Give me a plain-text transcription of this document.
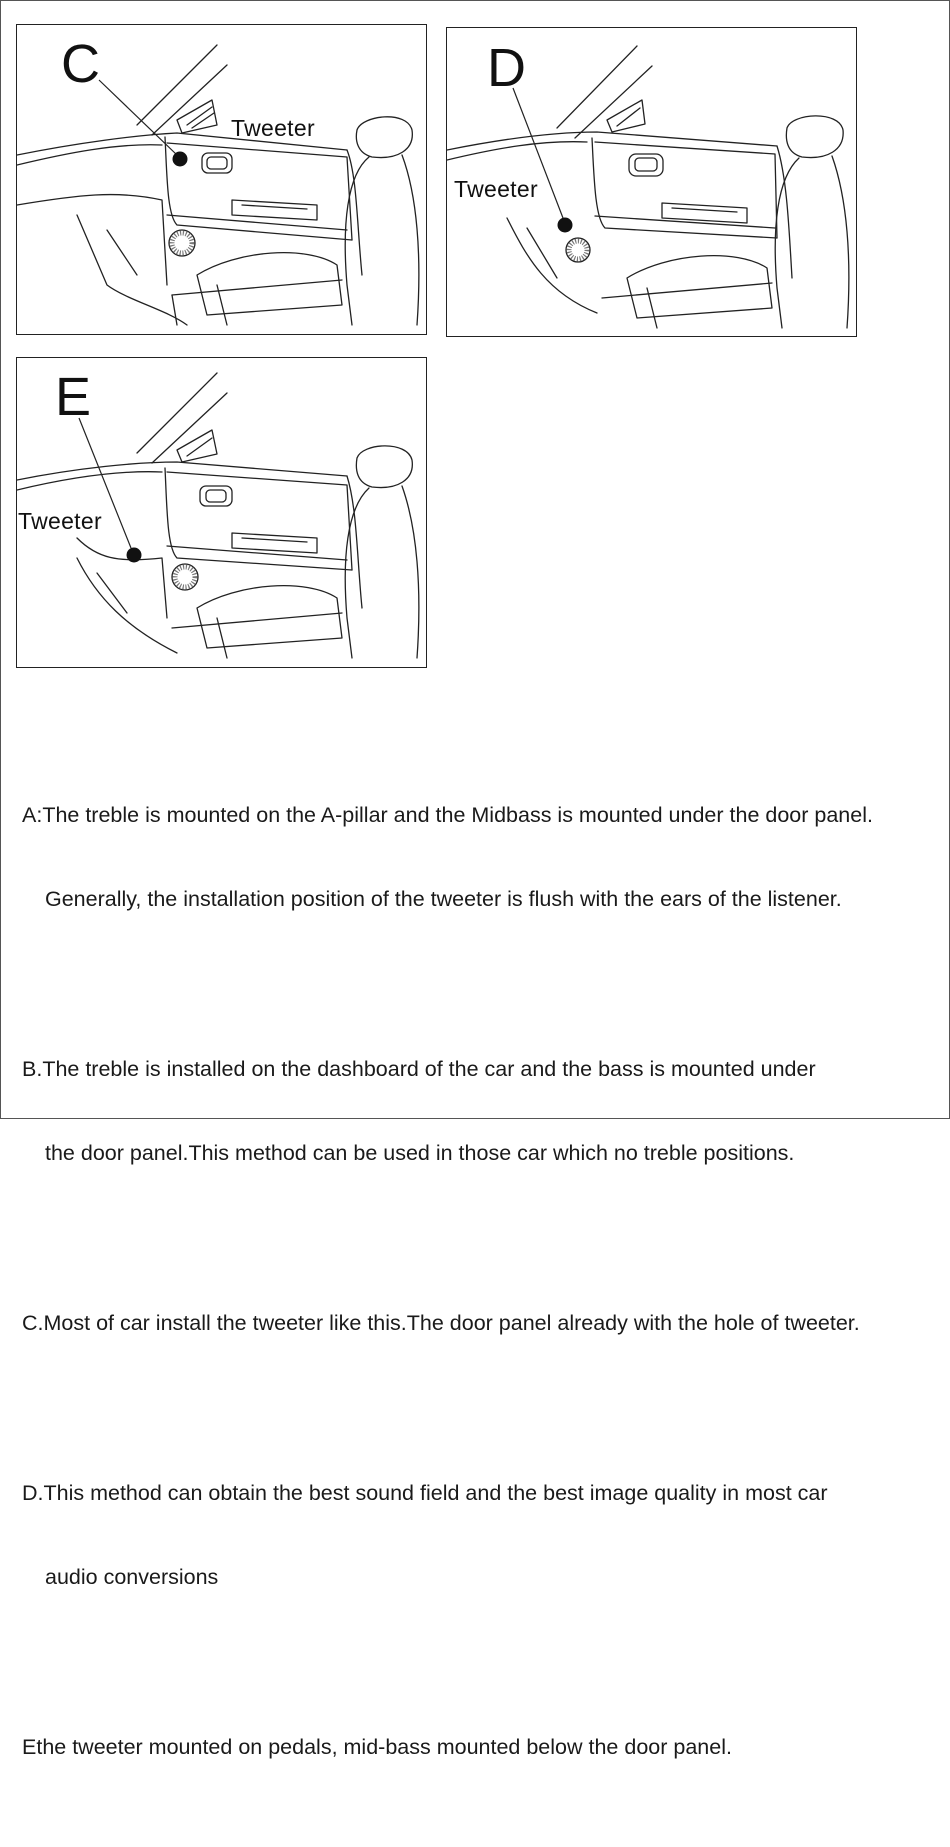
C
Tweeter
D
Tweeter
E
Tweeter

A:The treble is mounted on the A-pillar and the Midbass is mounted under the door panel.

Generally, the installation position of the tweeter is flush with the ears of the listener.

B.The treble is installed on the dashboard of the car and the bass is mounted under

the door panel.This method can be used in those car which no treble positions.

C.Most of car install the tweeter like this.The door panel already with the hole of tweeter.

D.This method can obtain the best sound field and the best image quality in most car

audio conversions

Ethe tweeter mounted on pedals, mid-bass mounted below the door panel.
